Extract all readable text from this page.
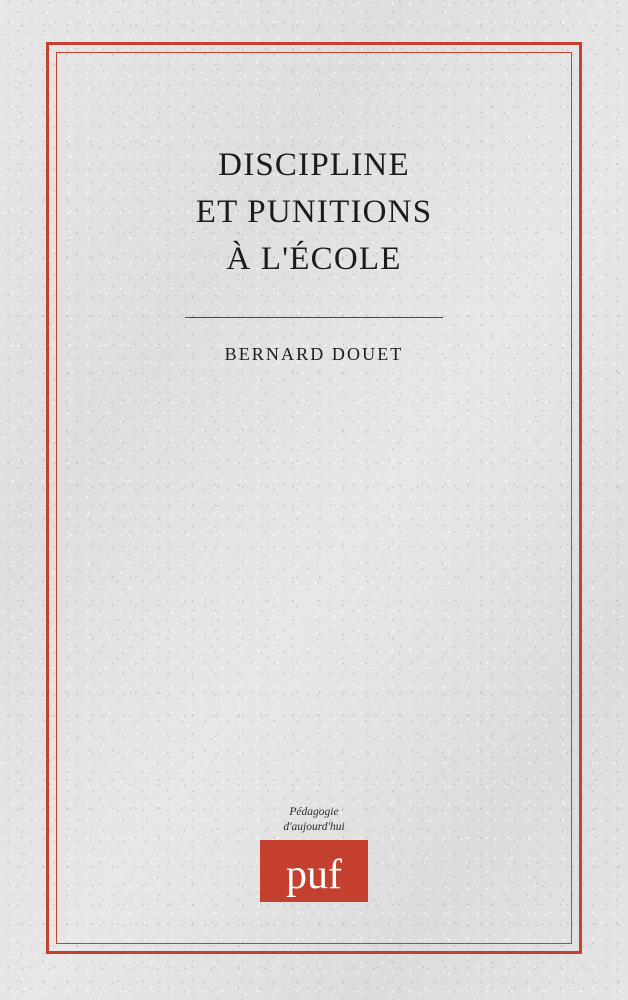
DISCIPLINE

ET PUNITIONS

À L'ÉCOLE

BERNARD DOUET
Pédagogie
d'aujourd'hui
puf
